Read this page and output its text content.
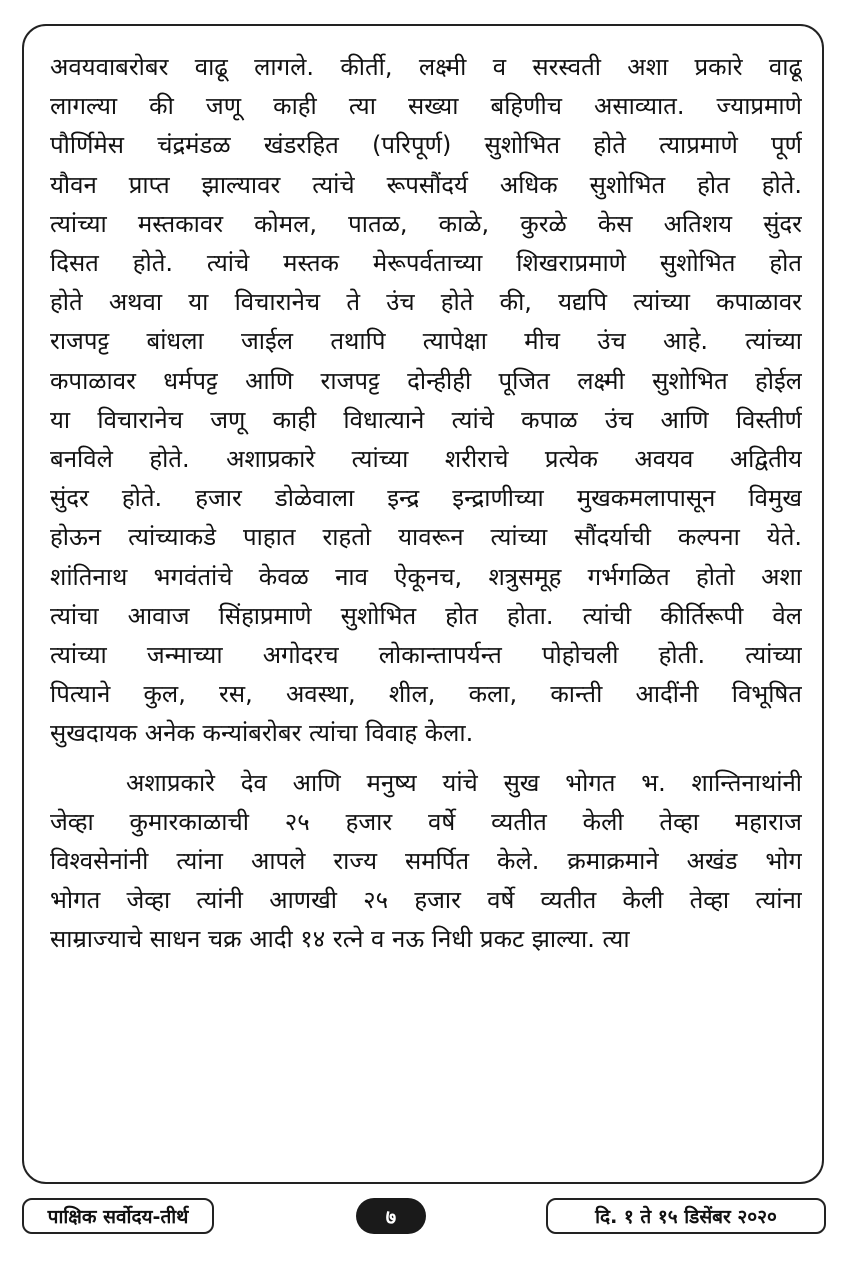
अवयवाबरोबर वाढू लागले. कीर्ती, लक्ष्मी व सरस्वती अशा प्रकारे वाढू

लागल्या की जणू काही त्या सख्या बहिणीच असाव्यात. ज्याप्रमाणे

पौर्णिमेस चंद्रमंडळ खंडरहित (परिपूर्ण) सुशोभित होते त्याप्रमाणे पूर्ण

यौवन प्राप्त झाल्यावर त्यांचे रूपसौंदर्य अधिक सुशोभित होत होते.

त्यांच्या मस्तकावर कोमल, पातळ, काळे, कुरळे केस अतिशय सुंदर

दिसत होते. त्यांचे मस्तक मेरूपर्वताच्या शिखराप्रमाणे सुशोभित होत

होते अथवा या विचारानेच ते उंच होते की, यद्यपि त्यांच्या कपाळावर

राजपट्ट बांधला जाईल तथापि त्यापेक्षा मीच उंच आहे. त्यांच्या

कपाळावर धर्मपट्ट आणि राजपट्ट दोन्हीही पूजित लक्ष्मी सुशोभित होईल

या विचारानेच जणू काही विधात्याने त्यांचे कपाळ उंच आणि विस्तीर्ण

बनविले होते. अशाप्रकारे त्यांच्या शरीराचे प्रत्येक अवयव अद्वितीय

सुंदर होते. हजार डोळेवाला इन्द्र इन्द्राणीच्या मुखकमलापासून विमुख

होऊन त्यांच्याकडे पाहात राहतो यावरून त्यांच्या सौंदर्याची कल्पना येते.

शांतिनाथ भगवंतांचे केवळ नाव ऐकूनच, शत्रुसमूह गर्भगळित होतो अशा

त्यांचा आवाज सिंहाप्रमाणे सुशोभित होत होता. त्यांची कीर्तिरूपी वेल

त्यांच्या जन्माच्या अगोदरच लोकान्तापर्यन्त पोहोचली होती. त्यांच्या

पित्याने कुल, रस, अवस्था, शील, कला, कान्ती आदींनी विभूषित

सुखदायक अनेक कन्यांबरोबर त्यांचा विवाह केला.

अशाप्रकारे देव आणि मनुष्य यांचे सुख भोगत भ. शान्तिनाथांनी

जेव्हा कुमारकाळाची २५ हजार वर्षे व्यतीत केली तेव्हा महाराज

विश्वसेनांनी त्यांना आपले राज्य समर्पित केले. क्रमाक्रमाने अखंड भोग

भोगत जेव्हा त्यांनी आणखी २५ हजार वर्षे व्यतीत केली तेव्हा त्यांना

साम्राज्याचे साधन चक्र आदी १४ रत्ने व नऊ निधी प्रकट झाल्या. त्या

पाक्षिक सर्वोदय-तीर्थ	७	दि. १ ते १५ डिसेंबर २०२०
